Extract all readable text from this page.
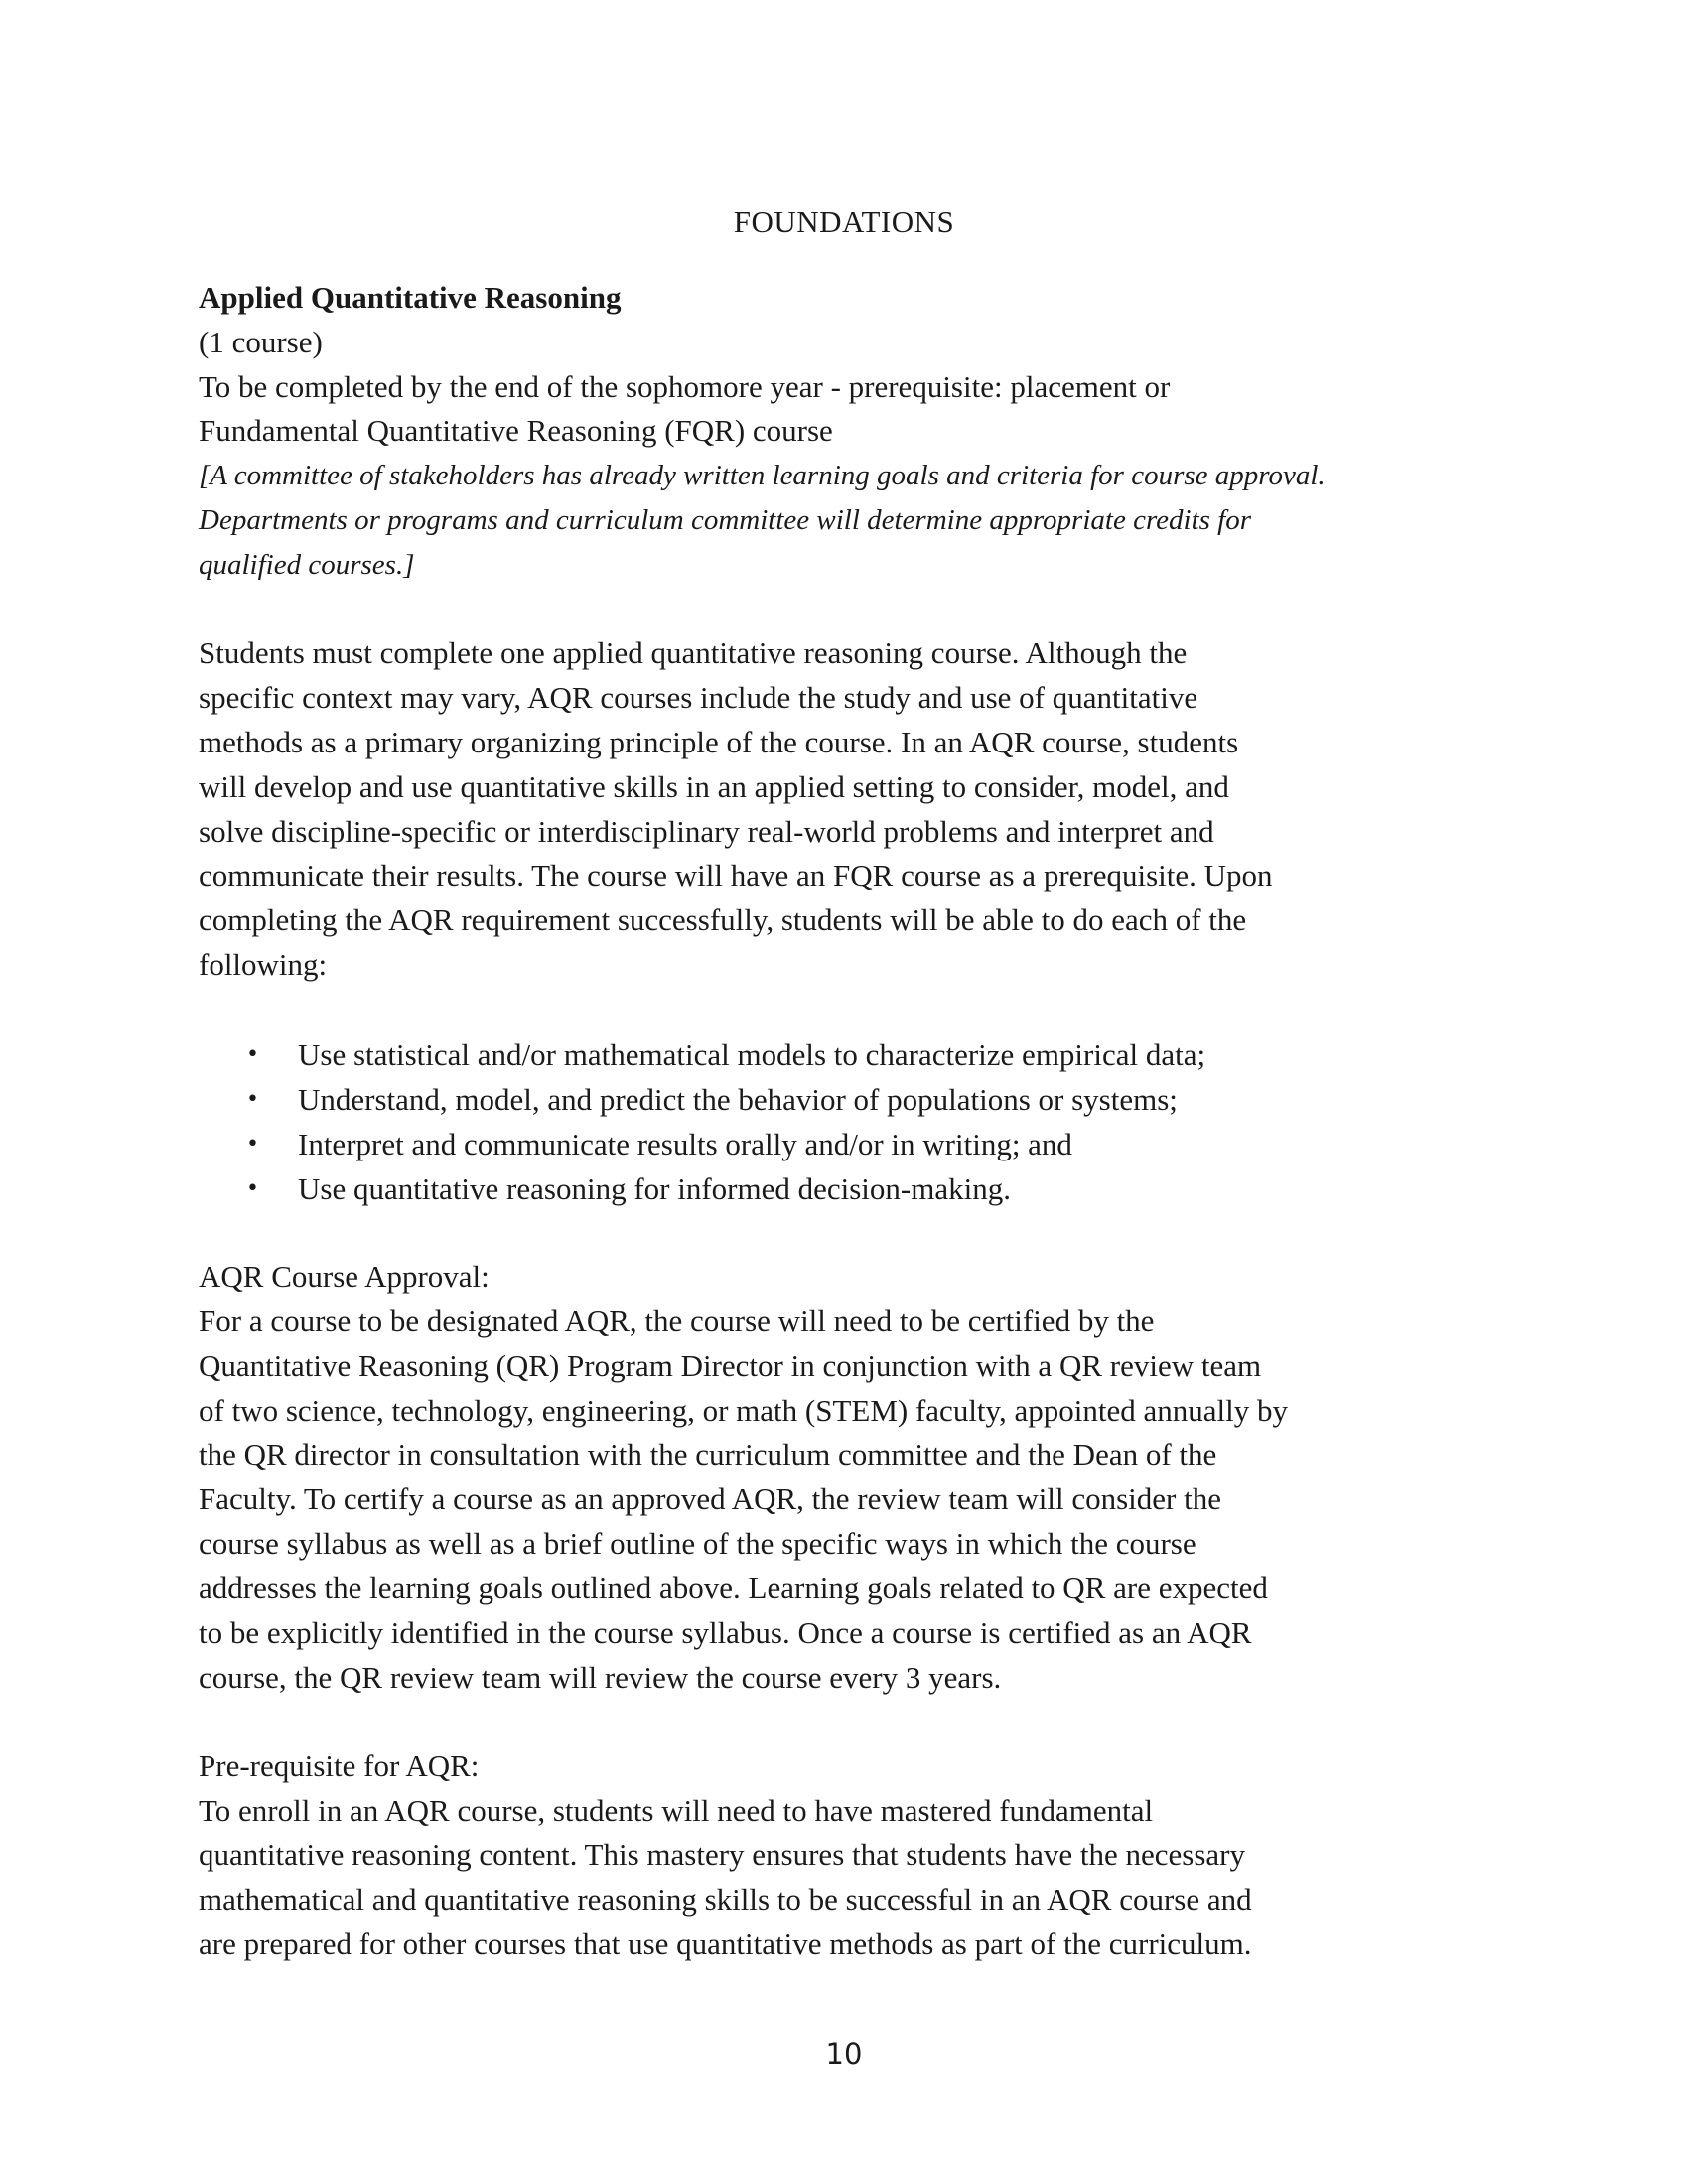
FOUNDATIONS

Applied Quantitative Reasoning

(1 course)

To be completed by the end of the sophomore year - prerequisite: placement or

Fundamental Quantitative Reasoning (FQR) course

[A committee of stakeholders has already written learning goals and criteria for course approval.

Departments or programs and curriculum committee will determine appropriate credits for

qualified courses.]

Students must complete one applied quantitative reasoning course. Although the

specific context may vary, AQR courses include the study and use of quantitative

methods as a primary organizing principle of the course. In an AQR course, students

will develop and use quantitative skills in an applied setting to consider, model, and

solve discipline-specific or interdisciplinary real-world problems and interpret and

communicate their results. The course will have an FQR course as a prerequisite. Upon

completing the AQR requirement successfully, students will be able to do each of the

following:

• Use statistical and/or mathematical models to characterize empirical data;
• Understand, model, and predict the behavior of populations or systems;
• Interpret and communicate results orally and/or in writing; and
• Use quantitative reasoning for informed decision-making.

AQR Course Approval:

For a course to be designated AQR, the course will need to be certified by the

Quantitative Reasoning (QR) Program Director in conjunction with a QR review team

of two science, technology, engineering, or math (STEM) faculty, appointed annually by

the QR director in consultation with the curriculum committee and the Dean of the

Faculty. To certify a course as an approved AQR, the review team will consider the

course syllabus as well as a brief outline of the specific ways in which the course

addresses the learning goals outlined above. Learning goals related to QR are expected

to be explicitly identified in the course syllabus. Once a course is certified as an AQR

course, the QR review team will review the course every 3 years.

Pre-requisite for AQR:

To enroll in an AQR course, students will need to have mastered fundamental

quantitative reasoning content. This mastery ensures that students have the necessary

mathematical and quantitative reasoning skills to be successful in an AQR course and

are prepared for other courses that use quantitative methods as part of the curriculum.

10
